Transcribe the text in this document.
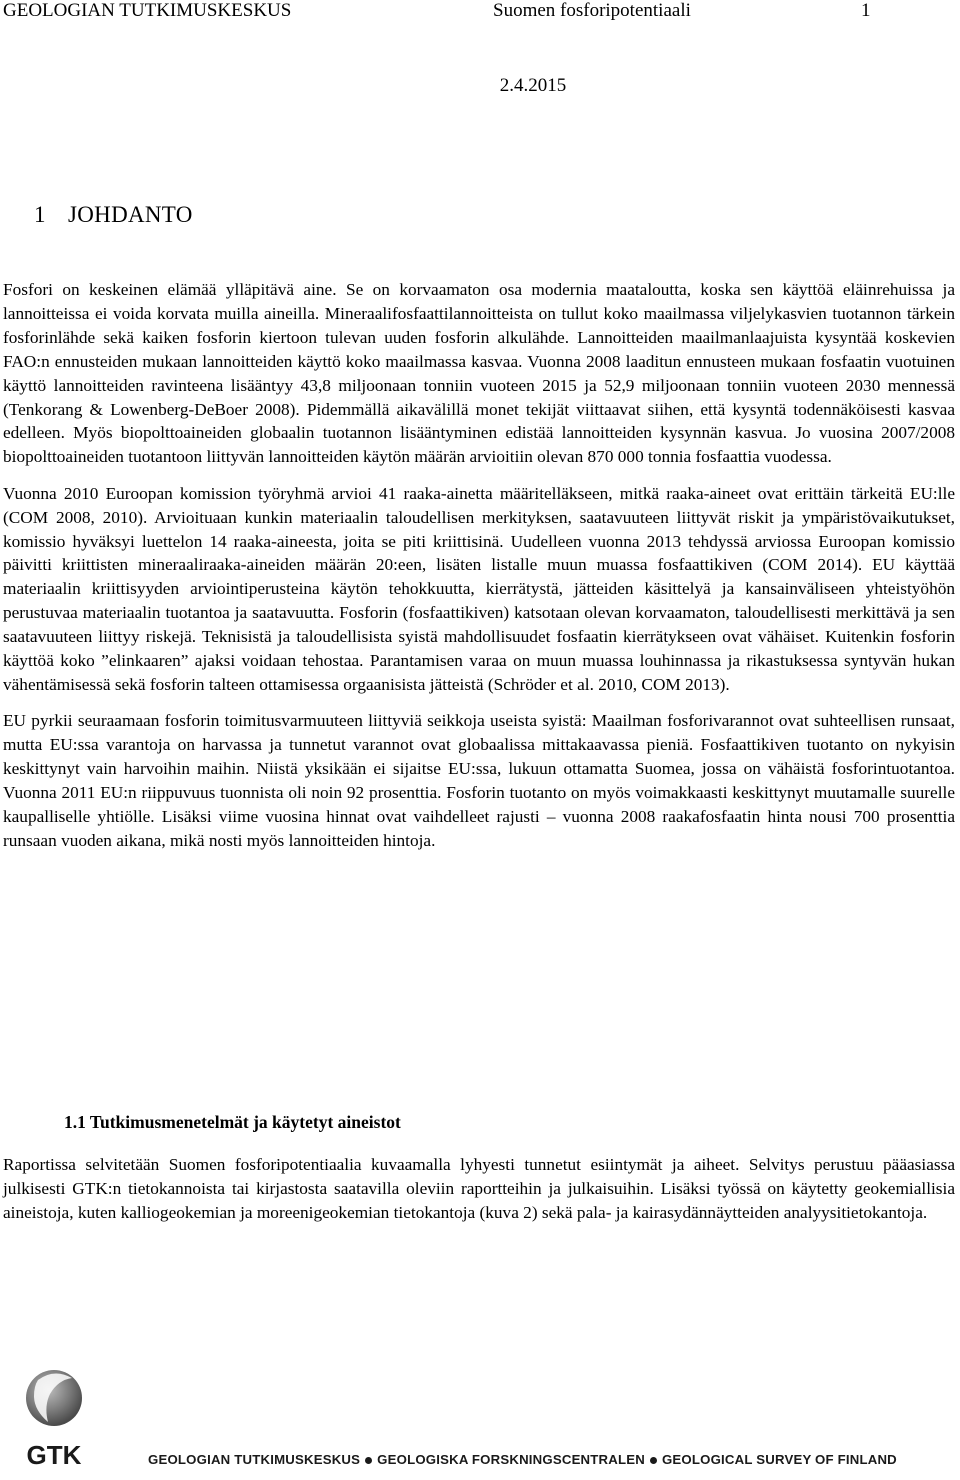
GEOLOGIAN TUTKIMUSKESKUS	Suomen fosforipotentiaali	1
2.4.2015
1 JOHDANTO

Fosfori on keskeinen elämää ylläpitävä aine. Se on korvaamaton osa modernia maataloutta, koska sen käyttöä eläinrehuissa ja lannoitteissa ei voida korvata muilla aineilla. Mineraalifosfaattilannoitteista on tullut koko maailmassa viljelykasvien tuotannon tärkein fosforinlähde sekä kaiken fosforin kiertoon tulevan uuden fosforin alkulähde. Lannoitteiden maailmanlaajuista kysyntää koskevien FAO:n ennusteiden mukaan lannoitteiden käyttö koko maailmassa kasvaa. Vuonna 2008 laaditun ennusteen mukaan fosfaatin vuotuinen käyttö lannoitteiden ravinteena lisääntyy 43,8 miljoonaan tonniin vuoteen 2015 ja 52,9 miljoonaan tonniin vuoteen 2030 mennessä (Tenkorang & Lowenberg-DeBoer 2008). Pidemmällä aikavälillä monet tekijät viittaavat siihen, että kysyntä todennäköisesti kasvaa edelleen. Myös biopolttoaineiden globaalin tuotannon lisääntyminen edistää lannoitteiden kysynnän kasvua. Jo vuosina 2007/2008 biopolttoaineiden tuotantoon liittyvän lannoitteiden käytön määrän arvioitiin olevan 870 000 tonnia fosfaattia vuodessa.

Vuonna 2010 Euroopan komission työryhmä arvioi 41 raaka-ainetta määritelläkseen, mitkä raaka-aineet ovat erittäin tärkeitä EU:lle (COM 2008, 2010). Arvioituaan kunkin materiaalin taloudellisen merkityksen, saatavuuteen liittyvät riskit ja ympäristövaikutukset, komissio hyväksyi luettelon 14 raaka-aineesta, joita se piti kriittisinä. Uudelleen vuonna 2013 tehdyssä arviossa Euroopan komissio päivitti kriittisten mineraaliraaka-aineiden määrän 20:een, lisäten listalle muun muassa fosfaattikiven (COM 2014). EU käyttää materiaalin kriittisyyden arviointiperusteina käytön tehokkuutta, kierrätystä, jätteiden käsittelyä ja kansainväliseen yhteistyöhön perustuvaa materiaalin tuotantoa ja saatavuutta. Fosforin (fosfaattikiven) katsotaan olevan korvaamaton, taloudellisesti merkittävä ja sen saatavuuteen liittyy riskejä. Teknisistä ja taloudellisista syistä mahdollisuudet fosfaatin kierrätykseen ovat vähäiset. Kuitenkin fosforin käyttöä koko ”elinkaaren” ajaksi voidaan tehostaa. Parantamisen varaa on muun muassa louhinnassa ja rikastuksessa syntyvän hukan vähentämisessä sekä fosforin talteen ottamisessa orgaanisista jätteistä (Schröder et al. 2010, COM 2013).

EU pyrkii seuraamaan fosforin toimitusvarmuuteen liittyviä seikkoja useista syistä: Maailman fosforivarannot ovat suhteellisen runsaat, mutta EU:ssa varantoja on harvassa ja tunnetut varannot ovat globaalissa mittakaavassa pieniä. Fosfaattikiven tuotanto on nykyisin keskittynyt vain harvoihin maihin. Niistä yksikään ei sijaitse EU:ssa, lukuun ottamatta Suomea, jossa on vähäistä fosforintuotantoa. Vuonna 2011 EU:n riippuvuus tuonnista oli noin 92 prosenttia. Fosforin tuotanto on myös voimakkaasti keskittynyt muutamalle suurelle kaupalliselle yhtiölle. Lisäksi viime vuosina hinnat ovat vaihdelleet rajusti – vuonna 2008 raakafosfaatin hinta nousi 700 prosenttia runsaan vuoden aikana, mikä nosti myös lannoitteiden hintoja.

1.1 Tutkimusmenetelmät ja käytetyt aineistot

Raportissa selvitetään Suomen fosforipotentiaalia kuvaamalla lyhyesti tunnetut esiintymät ja aiheet. Selvitys perustuu pääasiassa julkisesti GTK:n tietokannoista tai kirjastosta saatavilla oleviin raportteihin ja julkaisuihin. Lisäksi työssä on käytetty geokemiallisia aineistoja, kuten kalliogeokemian ja moreenigeokemian tietokantoja (kuva 2) sekä pala- ja kairasydännäytteiden analyysitietokantoja.

GTK	GEOLOGIAN TUTKIMUSKESKUS GEOLOGISKA FORSKNINGSCENTRALEN GEOLOGICAL SURVEY OF FINLAND
